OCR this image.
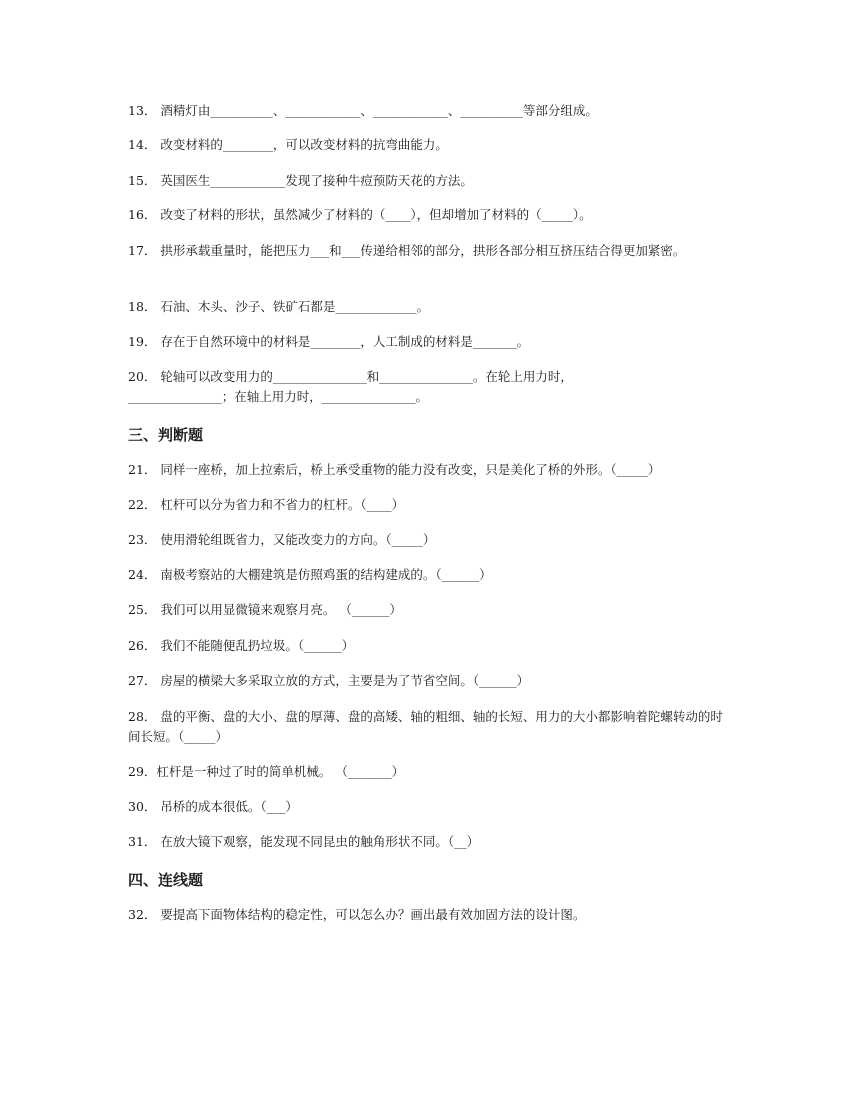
13． 酒精灯由__________、____________、____________、__________等部分组成。
14． 改变材料的________，可以改变材料的抗弯曲能力。
15． 英国医生____________发现了接种牛痘预防天花的方法。
16． 改变了材料的形状，虽然减少了材料的（____），但却增加了材料的（_____）。
17． 拱形承载重量时，能把压力___和___传递给相邻的部分，拱形各部分相互挤压结合得更加紧密。
18． 石油、木头、沙子、铁矿石都是_____________。
19． 存在于自然环境中的材料是________，人工制成的材料是_______。
20． 轮轴可以改变用力的_______________和_______________。在轮上用力时，
_______________；在轴上用力时，_______________。
三、判断题
21． 同样一座桥，加上拉索后，桥上承受重物的能力没有改变，只是美化了桥的外形。（_____）
22． 杠杆可以分为省力和不省力的杠杆。（____）
23． 使用滑轮组既省力，又能改变力的方向。（_____）
24． 南极考察站的大棚建筑是仿照鸡蛋的结构建成的。（______）
25． 我们可以用显微镜来观察月亮。 （______）
26． 我们不能随便乱扔垃圾。（______）
27． 房屋的横梁大多采取立放的方式，主要是为了节省空间。（______）
28． 盘的平衡、盘的大小、盘的厚薄、盘的高矮、轴的粗细、轴的长短、用力的大小都影响着陀螺转动的时间长短。（_____）
29．杠杆是一种过了时的简单机械。 （_______）
30． 吊桥的成本很低。（___）
31． 在放大镜下观察，能发现不同昆虫的触角形状不同。（__）
四、连线题
32． 要提高下面物体结构的稳定性，可以怎么办？画出最有效加固方法的设计图。
